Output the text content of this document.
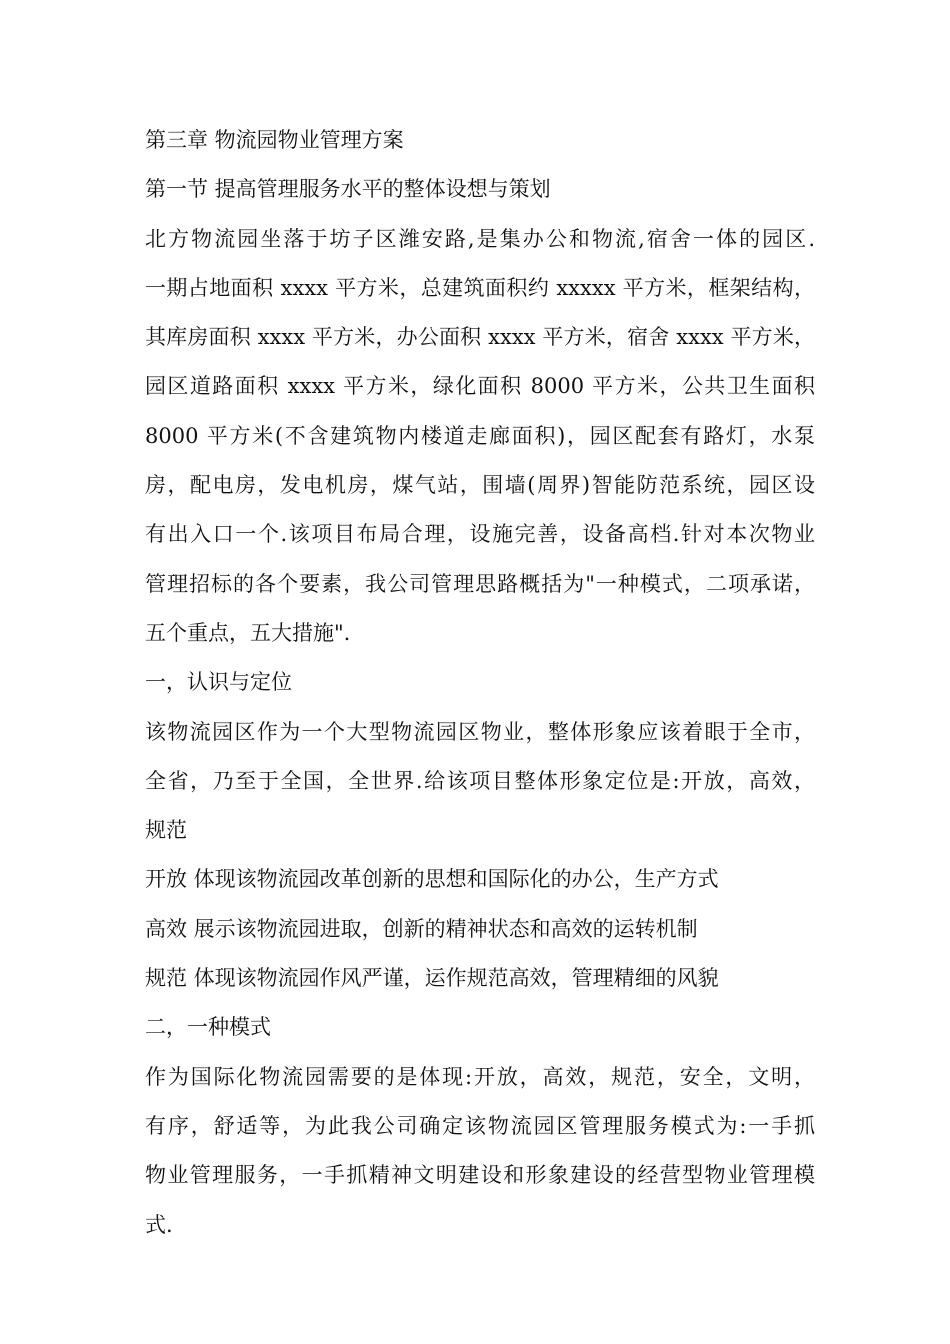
第三章 物流园物业管理方案
第一节 提高管理服务水平的整体设想与策划
北方物流园坐落于坊子区潍安路,是集办公和物流,宿舍一体的园区.
一期占地面积 xxxx 平方米，总建筑面积约 xxxxx 平方米，框架结构，
其库房面积 xxxx 平方米，办公面积 xxxx 平方米，宿舍 xxxx 平方米，
园区道路面积 xxxx 平方米，绿化面积 8000 平方米，公共卫生面积
8000 平方米(不含建筑物内楼道走廊面积)，园区配套有路灯，水泵
房，配电房，发电机房，煤气站，围墙(周界)智能防范系统，园区设
有出入口一个.该项目布局合理，设施完善，设备高档.针对本次物业
管理招标的各个要素，我公司管理思路概括为"一种模式，二项承诺，
五个重点，五大措施".
一，认识与定位
该物流园区作为一个大型物流园区物业，整体形象应该着眼于全市，
全省，乃至于全国，全世界.给该项目整体形象定位是:开放，高效，
规范
开放 体现该物流园改革创新的思想和国际化的办公，生产方式
高效 展示该物流园进取，创新的精神状态和高效的运转机制
规范 体现该物流园作风严谨，运作规范高效，管理精细的风貌
二，一种模式
作为国际化物流园需要的是体现:开放，高效，规范，安全，文明，
有序，舒适等，为此我公司确定该物流园区管理服务模式为:一手抓
物业管理服务，一手抓精神文明建设和形象建设的经营型物业管理模
式.
